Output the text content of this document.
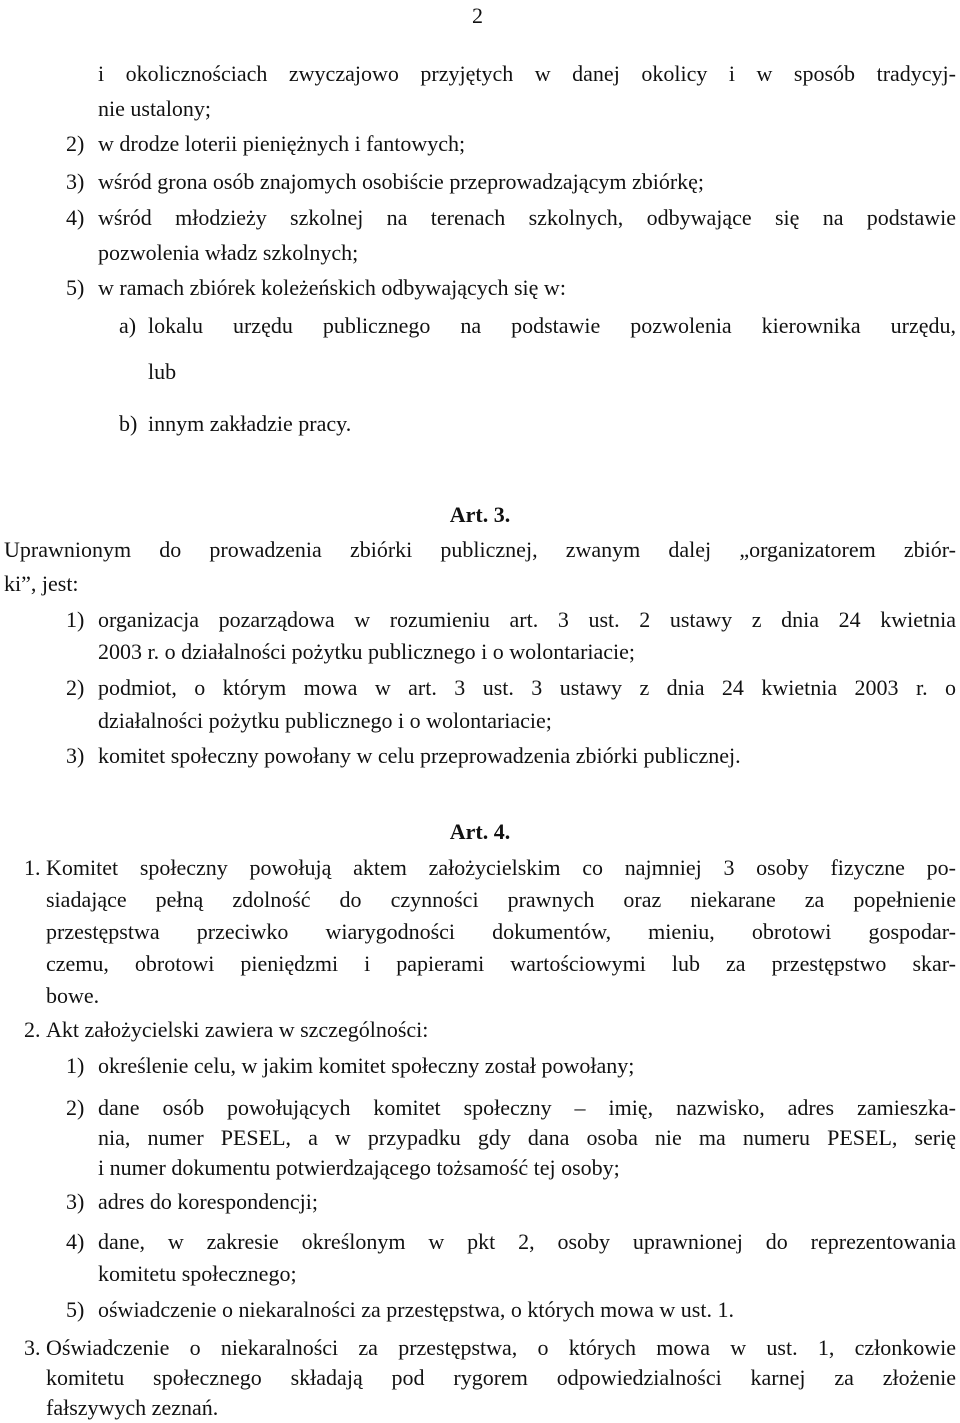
2
i okolicznościach zwyczajowo przyjętych w danej okolicy i w sposób tradycyj-
nie ustalony;
2) w drodze loterii pieniężnych i fantowych;
3) wśród grona osób znajomych osobiście przeprowadzającym zbiórkę;
4) wśród młodzieży szkolnej na terenach szkolnych, odbywające się na podstawie
pozwolenia władz szkolnych;
5) w ramach zbiórek koleżeńskich odbywających się w:
a) lokalu urzędu publicznego na podstawie pozwolenia kierownika urzędu,
lub
b) innym zakładzie pracy.
Art. 3.
Uprawnionym do prowadzenia zbiórki publicznej, zwanym dalej „organizatorem zbiór-
ki”, jest:
1) organizacja pozarządowa w rozumieniu art. 3 ust. 2 ustawy z dnia 24 kwietnia
2003 r. o działalności pożytku publicznego i o wolontariacie;
2) podmiot, o którym mowa w art. 3 ust. 3 ustawy z dnia 24 kwietnia 2003 r. o
działalności pożytku publicznego i o wolontariacie;
3) komitet społeczny powołany w celu przeprowadzenia zbiórki publicznej.
Art. 4.
1. Komitet społeczny powołują aktem założycielskim co najmniej 3 osoby fizyczne po-
siadające pełną zdolność do czynności prawnych oraz niekarane za popełnienie
przestępstwa przeciwko wiarygodności dokumentów, mieniu, obrotowi gospodar-
czemu, obrotowi pieniędzmi i papierami wartościowymi lub za przestępstwo skar-
bowe.
2. Akt założycielski zawiera w szczególności:
1) określenie celu, w jakim komitet społeczny został powołany;
2) dane osób powołujących komitet społeczny – imię, nazwisko, adres zamieszka-
nia, numer PESEL, a w przypadku gdy dana osoba nie ma numeru PESEL, serię
i numer dokumentu potwierdzającego tożsamość tej osoby;
3) adres do korespondencji;
4) dane, w zakresie określonym w pkt 2, osoby uprawnionej do reprezentowania
komitetu społecznego;
5) oświadczenie o niekaralności za przestępstwa, o których mowa w ust. 1.
3. Oświadczenie o niekaralności za przestępstwa, o których mowa w ust. 1, członkowie
komitetu społecznego składają pod rygorem odpowiedzialności karnej za złożenie
fałszywych zeznań.
